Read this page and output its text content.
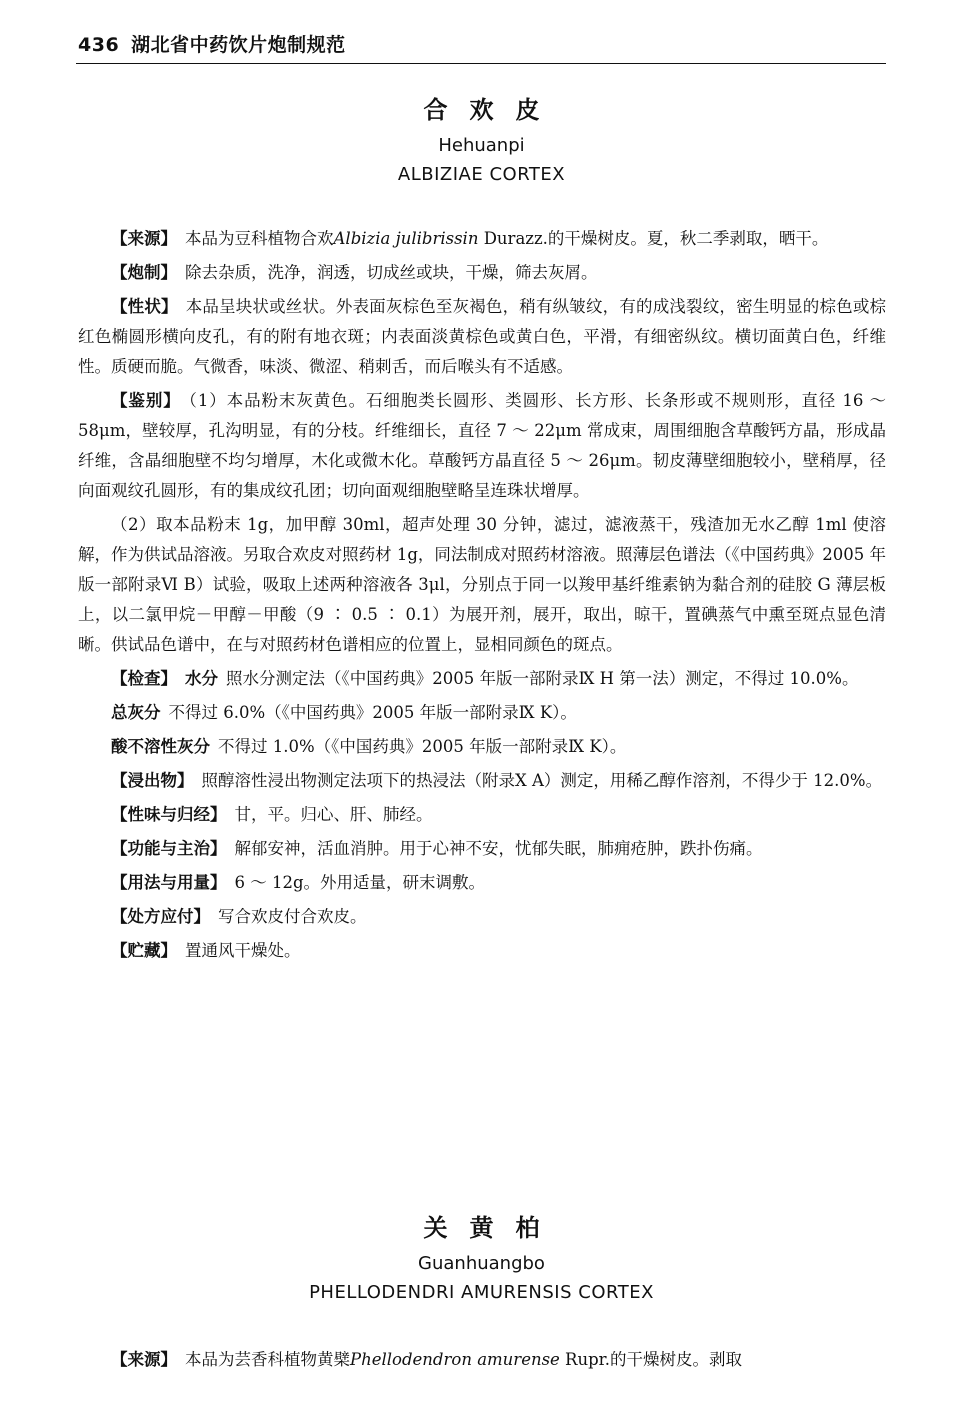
436 湖北省中药饮片炮制规范
合欢皮
Hehuanpi
ALBIZIAE CORTEX

【来源】 本品为豆科植物合欢Albizia julibrissin Durazz.的干燥树皮。夏，秋二季剥取，晒干。

【炮制】 除去杂质，洗净，润透，切成丝或块，干燥，筛去灰屑。

【性状】 本品呈块状或丝状。外表面灰棕色至灰褐色，稍有纵皱纹，有的成浅裂纹，密生明显的棕色或棕红色椭圆形横向皮孔，有的附有地衣斑；内表面淡黄棕色或黄白色，平滑，有细密纵纹。横切面黄白色，纤维性。质硬而脆。气微香，味淡、微涩、稍刺舌，而后喉头有不适感。

【鉴别】 （1）本品粉末灰黄色。石细胞类长圆形、类圆形、长方形、长条形或不规则形，直径 16 ～ 58μm，壁较厚，孔沟明显，有的分枝。纤维细长，直径 7 ～ 22μm 常成束，周围细胞含草酸钙方晶，形成晶纤维，含晶细胞壁不均匀增厚，木化或微木化。草酸钙方晶直径 5 ～ 26μm。韧皮薄壁细胞较小，壁稍厚，径向面观纹孔圆形，有的集成纹孔团；切向面观细胞壁略呈连珠状增厚。

（2）取本品粉末 1g，加甲醇 30ml，超声处理 30 分钟，滤过，滤液蒸干，残渣加无水乙醇 1ml 使溶解，作为供试品溶液。另取合欢皮对照药材 1g，同法制成对照药材溶液。照薄层色谱法（《中国药典》2005 年版一部附录Ⅵ B）试验，吸取上述两种溶液各 3μl，分别点于同一以羧甲基纤维素钠为黏合剂的硅胶 G 薄层板上，以二氯甲烷－甲醇－甲酸（9 ∶ 0.5 ∶ 0.1）为展开剂，展开，取出，晾干，置碘蒸气中熏至斑点显色清晰。供试品色谱中，在与对照药材色谱相应的位置上，显相同颜色的斑点。

【检查】 水分 照水分测定法（《中国药典》2005 年版一部附录Ⅸ H 第一法）测定，不得过 10.0%。

总灰分 不得过 6.0%（《中国药典》2005 年版一部附录Ⅸ K）。

酸不溶性灰分 不得过 1.0%（《中国药典》2005 年版一部附录Ⅸ K）。

【浸出物】 照醇溶性浸出物测定法项下的热浸法（附录Ⅹ A）测定，用稀乙醇作溶剂，不得少于 12.0%。

【性味与归经】 甘，平。归心、肝、肺经。

【功能与主治】 解郁安神，活血消肿。用于心神不安，忧郁失眠，肺痈疮肿，跌扑伤痛。

【用法与用量】 6 ～ 12g。外用适量，研末调敷。

【处方应付】 写合欢皮付合欢皮。

【贮藏】 置通风干燥处。

关黄柏
Guanhuangbo
PHELLODENDRI AMURENSIS CORTEX

【来源】 本品为芸香科植物黄檗Phellodendron amurense Rupr.的干燥树皮。剥取
